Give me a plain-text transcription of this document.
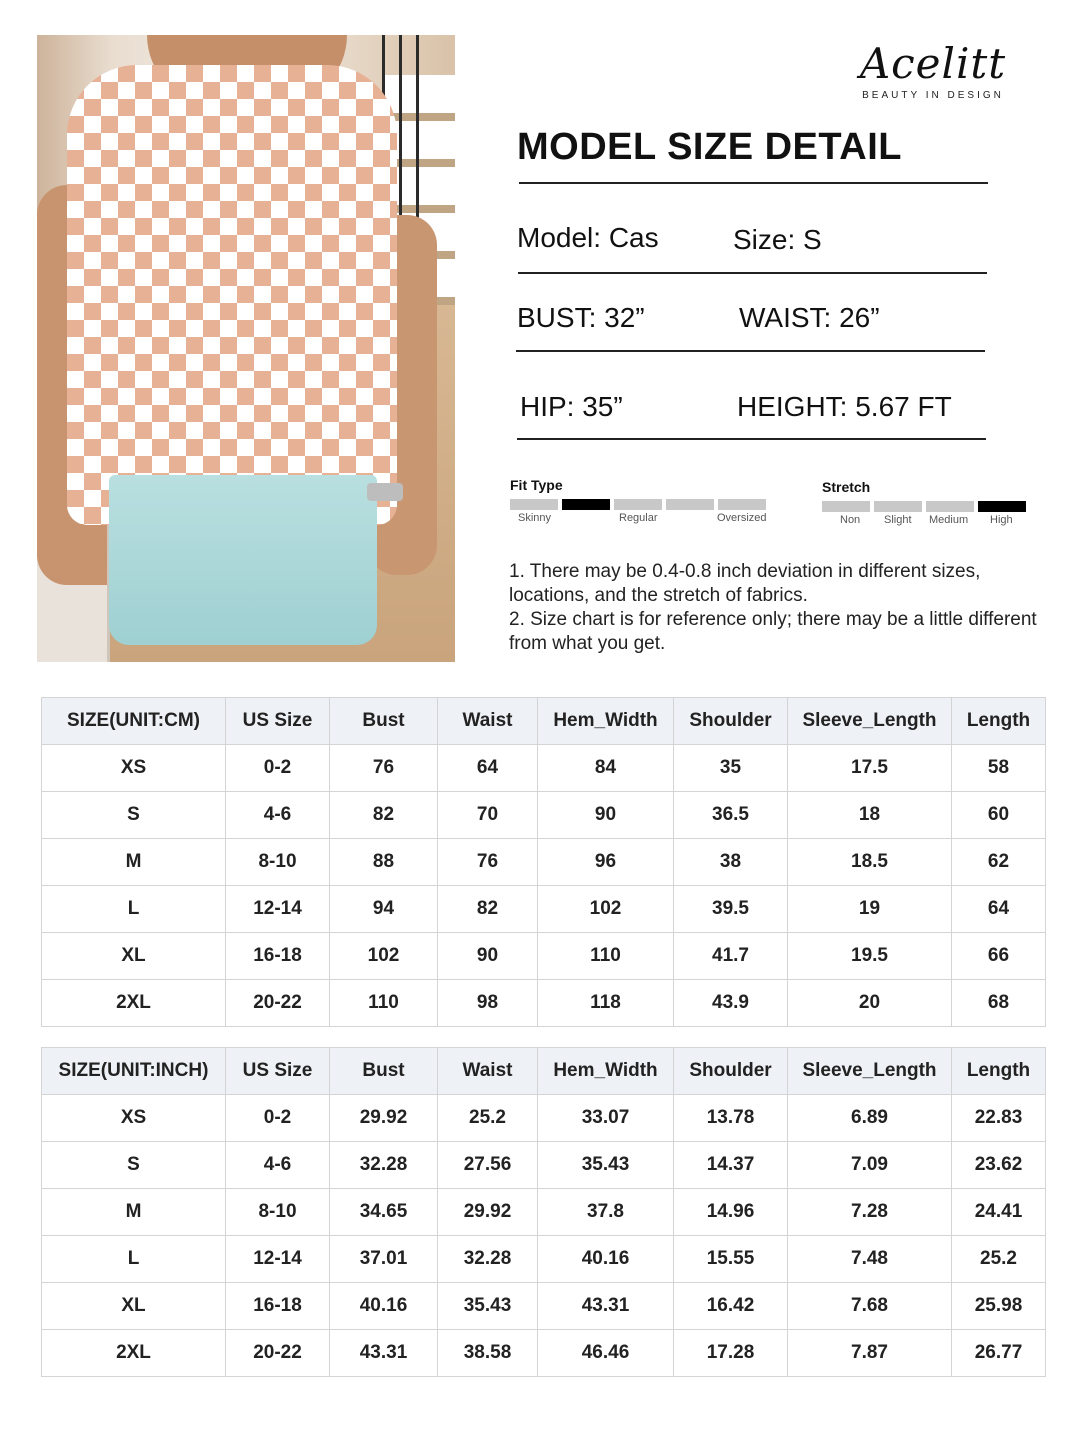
Acelitt
BEAUTY IN DESIGN
MODEL SIZE DETAIL
Model: Cas	Size: S
BUST: 32”	WAIST: 26”
HIP: 35”	HEIGHT: 5.67 FT
Fit Type
Skinny	Regular	Oversized
Stretch
Non Slight Medium High
1. There may be 0.4-0.8 inch deviation in different sizes, locations, and the stretch of fabrics.
2. Size chart is for reference only; there may be a little different from what you get.
SIZE(UNIT:CM)	US Size	Bust	Waist	Hem_Width	Shoulder	Sleeve_Length	Length
XS	0-2	76	64	84	35	17.5	58
S	4-6	82	70	90	36.5	18	60
M	8-10	88	76	96	38	18.5	62
L	12-14	94	82	102	39.5	19	64
XL	16-18	102	90	110	41.7	19.5	66
2XL	20-22	110	98	118	43.9	20	68
SIZE(UNIT:INCH)	US Size	Bust	Waist	Hem_Width	Shoulder	Sleeve_Length	Length
XS	0-2	29.92	25.2	33.07	13.78	6.89	22.83
S	4-6	32.28	27.56	35.43	14.37	7.09	23.62
M	8-10	34.65	29.92	37.8	14.96	7.28	24.41
L	12-14	37.01	32.28	40.16	15.55	7.48	25.2
XL	16-18	40.16	35.43	43.31	16.42	7.68	25.98
2XL	20-22	43.31	38.58	46.46	17.28	7.87	26.77
